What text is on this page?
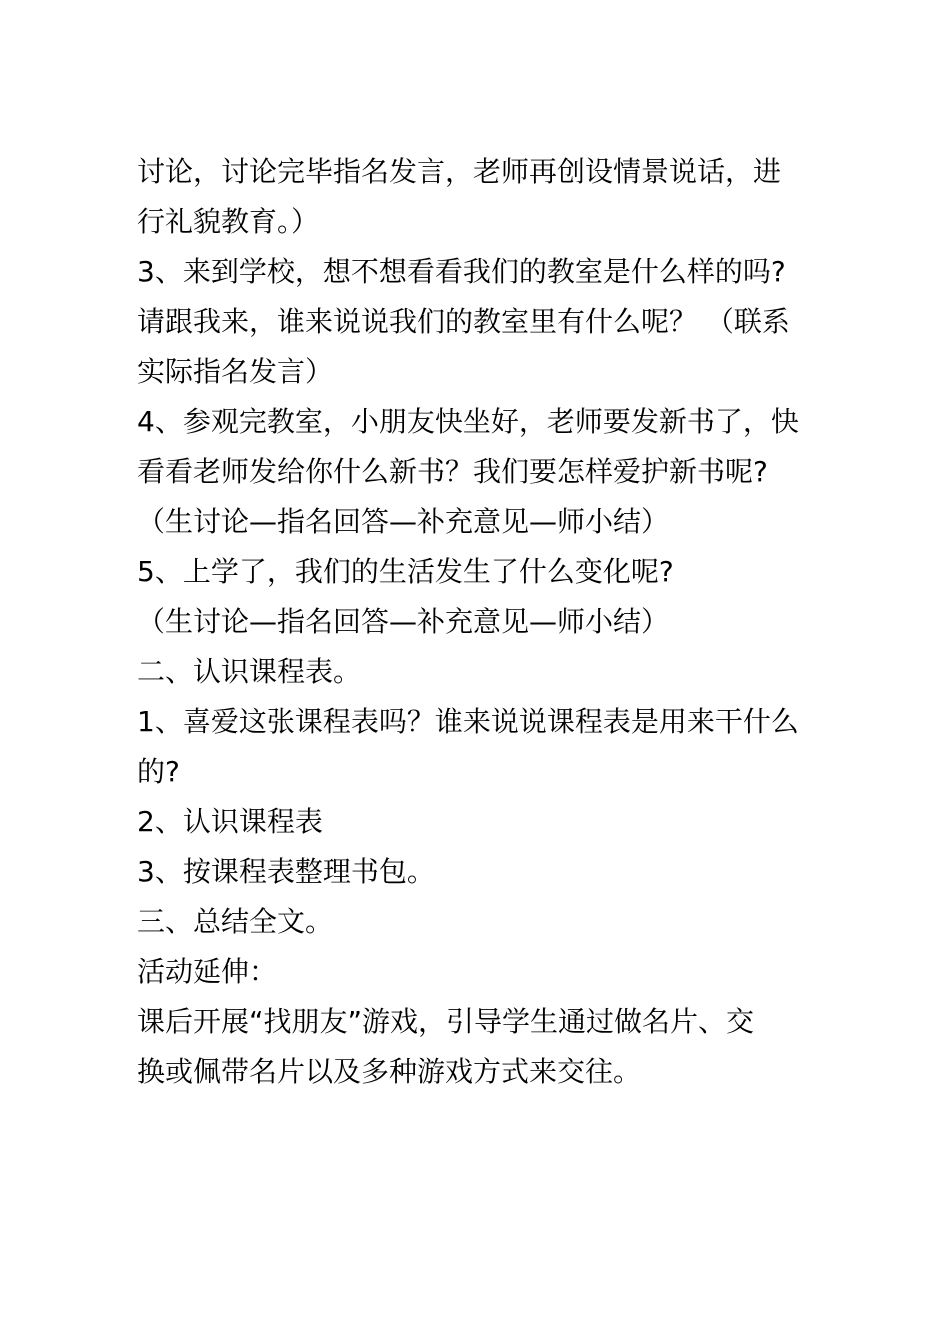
讨论，讨论完毕指名发言，老师再创设情景说话，进
行礼貌教育。）
3、来到学校，想不想看看我们的教室是什么样的吗?
请跟我来，谁来说说我们的教室里有什么呢？ （联系
实际指名发言）
4、参观完教室，小朋友快坐好，老师要发新书了，快
看看老师发给你什么新书？我们要怎样爱护新书呢?
（生讨论—指名回答—补充意见—师小结）
5、上学了，我们的生活发生了什么变化呢?
（生讨论—指名回答—补充意见—师小结）
二、认识课程表。
1、喜爱这张课程表吗？谁来说说课程表是用来干什么
的?
2、认识课程表
3、按课程表整理书包。
三、总结全文。
活动延伸：
课后开展“找朋友”游戏，引导学生通过做名片、交
换或佩带名片以及多种游戏方式来交往。
